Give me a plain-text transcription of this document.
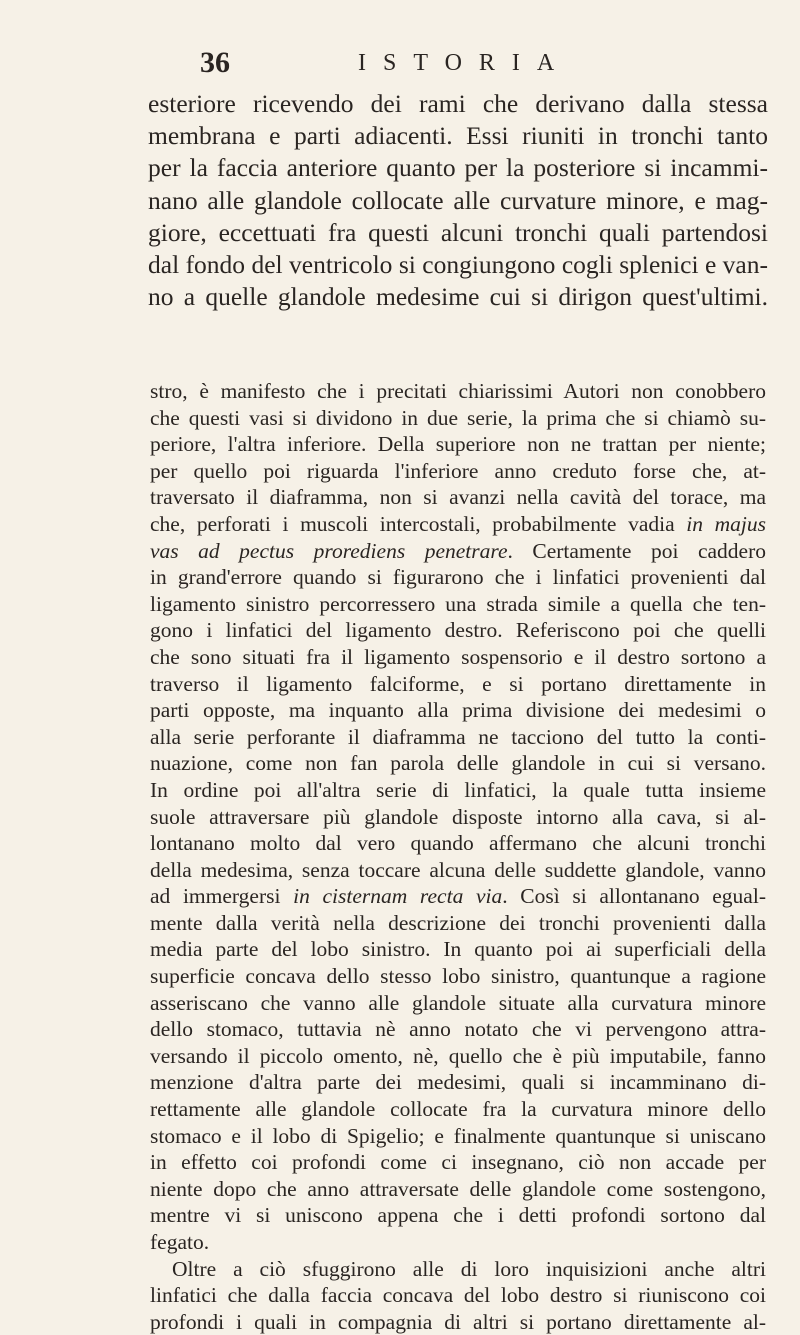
36	ISTORIA
esteriore ricevendo dei rami che derivano dalla stessa
membrana e parti adiacenti. Essi riuniti in tronchi tanto
per la faccia anteriore quanto per la posteriore si incammi-
nano alle glandole collocate alle curvature minore, e mag-
giore, eccettuati fra questi alcuni tronchi quali partendosi
dal fondo del ventricolo si congiungono cogli splenici e van-
no a quelle glandole medesime cui si dirigon quest'ultimi.
stro, è manifesto che i precitati chiarissimi Autori non conobbero
che questi vasi si dividono in due serie, la prima che si chiamò su-
periore, l'altra inferiore. Della superiore non ne trattan per niente;
per quello poi riguarda l'inferiore anno creduto forse che, at-
traversato il diaframma, non si avanzi nella cavità del torace, ma
che, perforati i muscoli intercostali, probabilmente vadia in majus
vas ad pectus prorediens penetrare. Certamente poi caddero
in grand'errore quando si figurarono che i linfatici provenienti dal
ligamento sinistro percorressero una strada simile a quella che ten-
gono i linfatici del ligamento destro. Referiscono poi che quelli
che sono situati fra il ligamento sospensorio e il destro sortono a
traverso il ligamento falciforme, e si portano direttamente in
parti opposte, ma inquanto alla prima divisione dei medesimi o
alla serie perforante il diaframma ne tacciono del tutto la conti-
nuazione, come non fan parola delle glandole in cui si versano.
In ordine poi all'altra serie di linfatici, la quale tutta insieme
suole attraversare più glandole disposte intorno alla cava, si al-
lontanano molto dal vero quando affermano che alcuni tronchi
della medesima, senza toccare alcuna delle suddette glandole, vanno
ad immergersi in cisternam recta via. Così si allontanano egual-
mente dalla verità nella descrizione dei tronchi provenienti dalla
media parte del lobo sinistro. In quanto poi ai superficiali della
superficie concava dello stesso lobo sinistro, quantunque a ragione
asseriscano che vanno alle glandole situate alla curvatura minore
dello stomaco, tuttavia nè anno notato che vi pervengono attra-
versando il piccolo omento, nè, quello che è più imputabile, fanno
menzione d'altra parte dei medesimi, quali si incamminano di-
rettamente alle glandole collocate fra la curvatura minore dello
stomaco e il lobo di Spigelio; e finalmente quantunque si uniscano
in effetto coi profondi come ci insegnano, ciò non accade per
niente dopo che anno attraversate delle glandole come sostengono,
mentre vi si uniscono appena che i detti profondi sortono dal
fegato.
Oltre a ciò sfuggirono alle di loro inquisizioni anche altri
linfatici che dalla faccia concava del lobo destro si riuniscono coi
profondi i quali in compagnia di altri si portano direttamente al-
